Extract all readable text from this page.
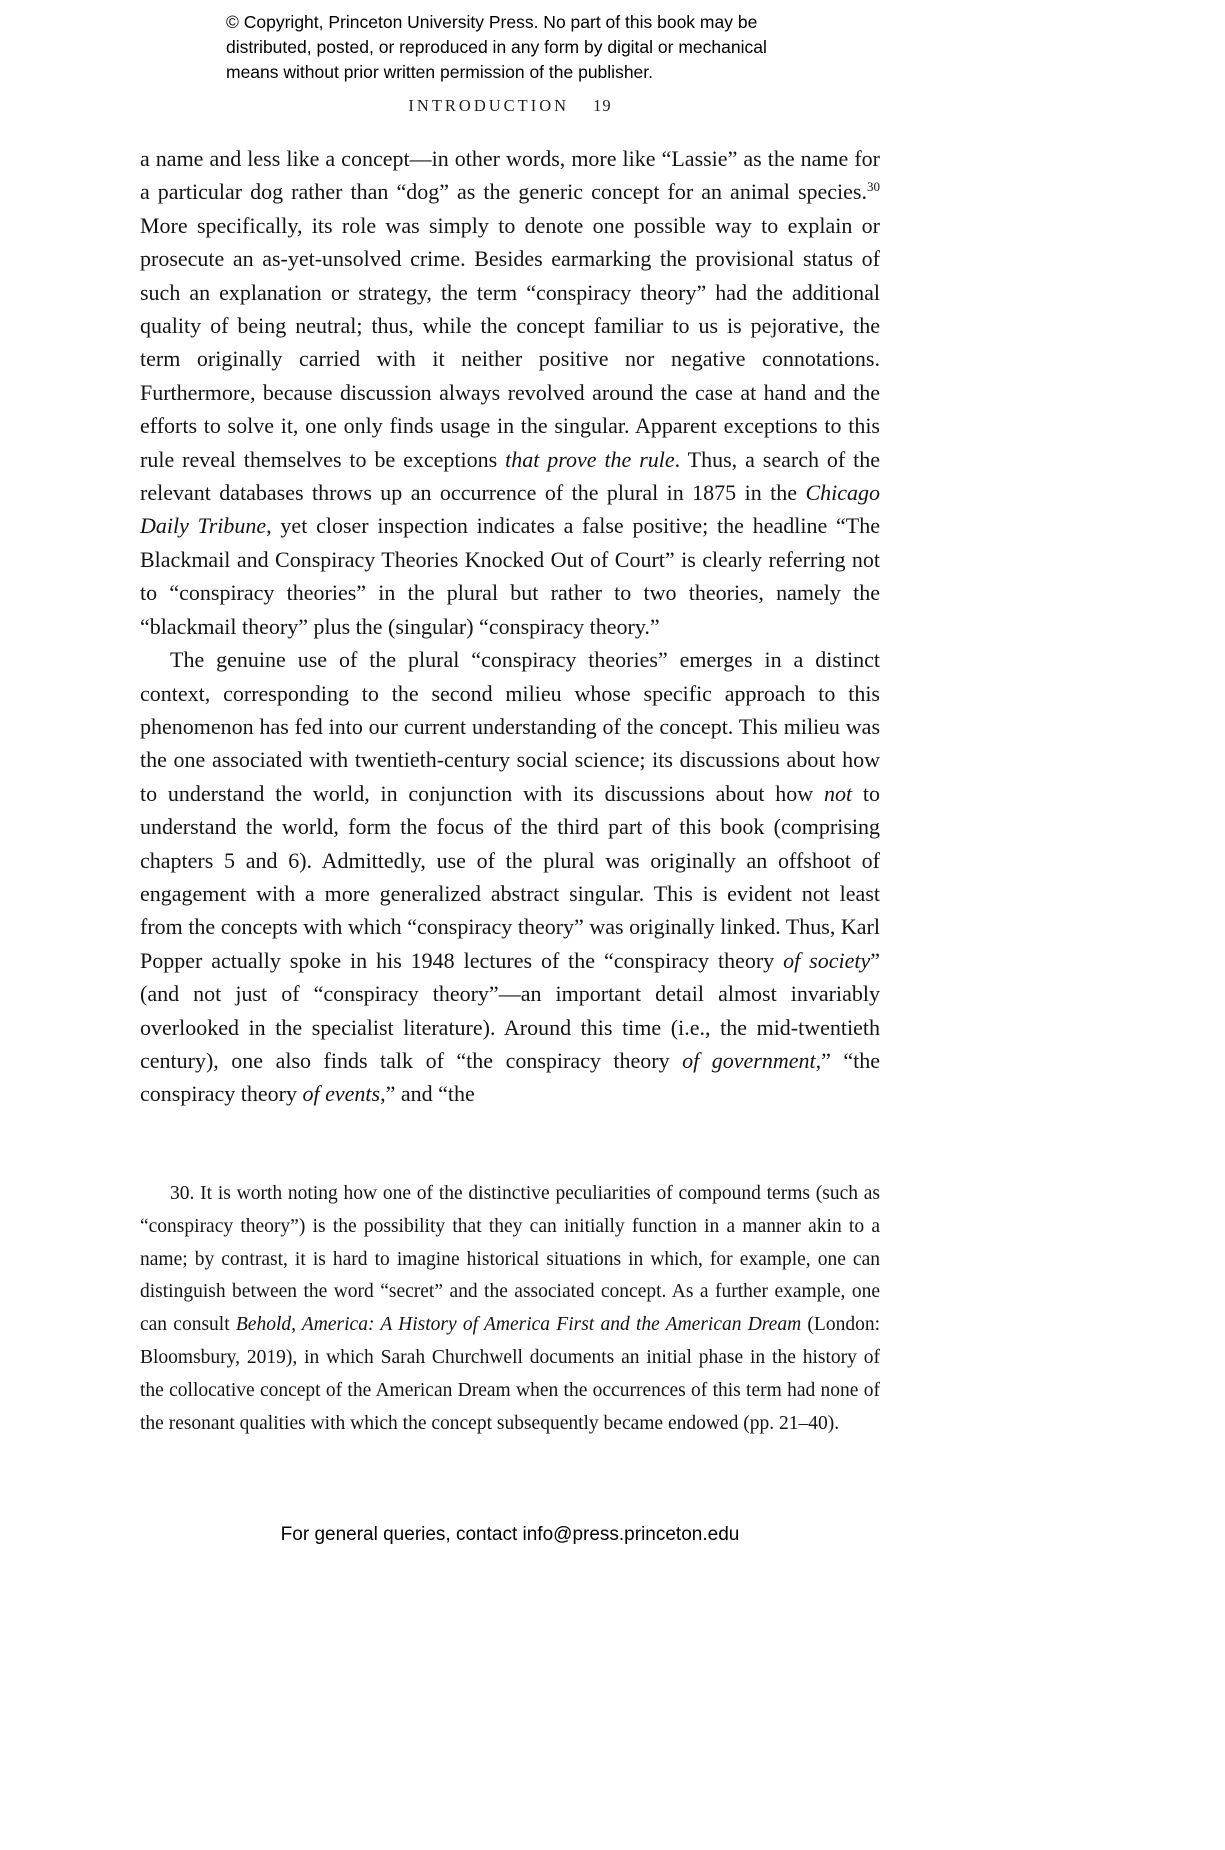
© Copyright, Princeton University Press. No part of this book may be
distributed, posted, or reproduced in any form by digital or mechanical
means without prior written permission of the publisher.
INTRODUCTION 19

a name and less like a concept—in other words, more like “Lassie” as the name for a particular dog rather than “dog” as the generic concept for an animal species.$^{30}$ More specifically, its role was simply to denote one possible way to explain or prosecute an as-yet-unsolved crime. Besides earmarking the provisional status of such an explanation or strategy, the term “conspiracy theory” had the additional quality of being neutral; thus, while the concept familiar to us is pejorative, the term originally carried with it neither positive nor negative connotations. Furthermore, because discussion always revolved around the case at hand and the efforts to solve it, one only finds usage in the singular. Apparent exceptions to this rule reveal themselves to be exceptions that prove the rule. Thus, a search of the relevant databases throws up an occurrence of the plural in 1875 in the Chicago Daily Tribune, yet closer inspection indicates a false positive; the headline “The Blackmail and Conspiracy Theories Knocked Out of Court” is clearly referring not to “conspiracy theories” in the plural but rather to two theories, namely the “blackmail theory” plus the (singular) “conspiracy theory.”

The genuine use of the plural “conspiracy theories” emerges in a distinct context, corresponding to the second milieu whose specific approach to this phenomenon has fed into our current understanding of the concept. This milieu was the one associated with twentieth-century social science; its discussions about how to understand the world, in conjunction with its discussions about how not to understand the world, form the focus of the third part of this book (comprising chapters 5 and 6). Admittedly, use of the plural was originally an offshoot of engagement with a more generalized abstract singular. This is evident not least from the concepts with which “conspiracy theory” was originally linked. Thus, Karl Popper actually spoke in his 1948 lectures of the “conspiracy theory of society” (and not just of “conspiracy theory”—an important detail almost invariably overlooked in the specialist literature). Around this time (i.e., the mid-twentieth century), one also finds talk of “the conspiracy theory of government,” “the conspiracy theory of events,” and “the

30. It is worth noting how one of the distinctive peculiarities of compound terms (such as “conspiracy theory”) is the possibility that they can initially function in a manner akin to a name; by contrast, it is hard to imagine historical situations in which, for example, one can distinguish between the word “secret” and the associated concept. As a further example, one can consult Behold, America: A History of America First and the American Dream (London: Bloomsbury, 2019), in which Sarah Churchwell documents an initial phase in the history of the collocative concept of the American Dream when the occurrences of this term had none of the resonant qualities with which the concept subsequently became endowed (pp. 21–40).

For general queries, contact info@press.princeton.edu
